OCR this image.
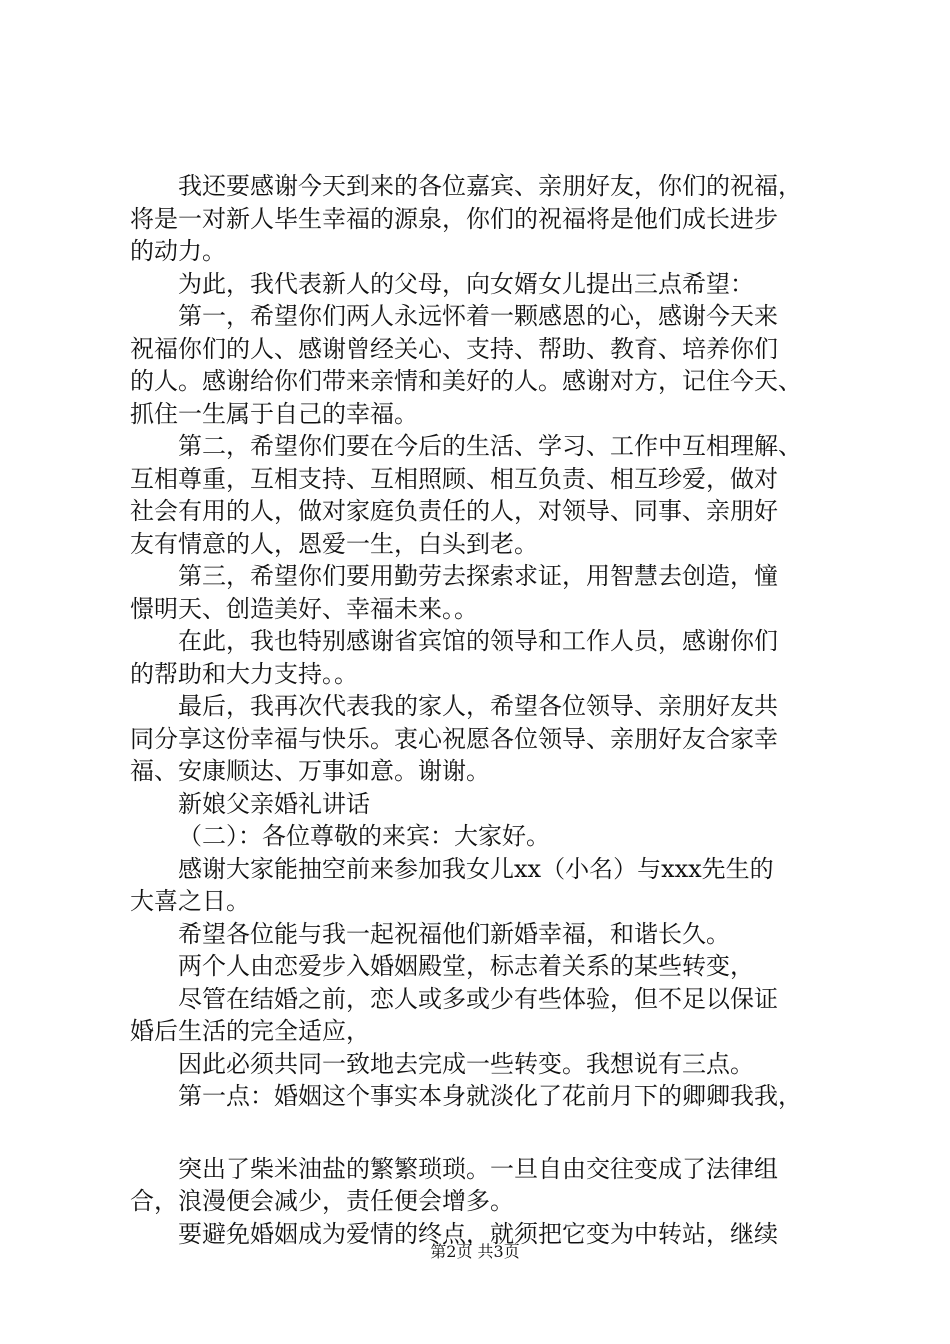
我还要感谢今天到来的各位嘉宾、亲朋好友，你们的祝福，
将是一对新人毕生幸福的源泉，你们的祝福将是他们成长进步
的动力。
为此，我代表新人的父母，向女婿女儿提出三点希望：
第一，希望你们两人永远怀着一颗感恩的心，感谢今天来
祝福你们的人、感谢曾经关心、支持、帮助、教育、培养你们
的人。感谢给你们带来亲情和美好的人。感谢对方，记住今天、
抓住一生属于自己的幸福。
第二，希望你们要在今后的生活、学习、工作中互相理解、
互相尊重，互相支持、互相照顾、相互负责、相互珍爱，做对
社会有用的人，做对家庭负责任的人，对领导、同事、亲朋好
友有情意的人，恩爱一生，白头到老。
第三，希望你们要用勤劳去探索求证，用智慧去创造，憧
憬明天、创造美好、幸福未来。。
在此，我也特别感谢省宾馆的领导和工作人员，感谢你们
的帮助和大力支持。。
最后，我再次代表我的家人，希望各位领导、亲朋好友共
同分享这份幸福与快乐。衷心祝愿各位领导、亲朋好友合家幸
福、安康顺达、万事如意。谢谢。
新娘父亲婚礼讲话
（二）：各位尊敬的来宾：大家好。
感谢大家能抽空前来参加我女儿xx（小名）与xxx先生的
大喜之日。
希望各位能与我一起祝福他们新婚幸福，和谐长久。
两个人由恋爱步入婚姻殿堂，标志着关系的某些转变，
尽管在结婚之前，恋人或多或少有些体验，但不足以保证
婚后生活的完全适应，
因此必须共同一致地去完成一些转变。我想说有三点。
第一点：婚姻这个事实本身就淡化了花前月下的卿卿我我，
突出了柴米油盐的繁繁琐琐。一旦自由交往变成了法律组
合，浪漫便会减少，责任便会增多。
要避免婚姻成为爱情的终点，就须把它变为中转站，继续
第2页 共3页
